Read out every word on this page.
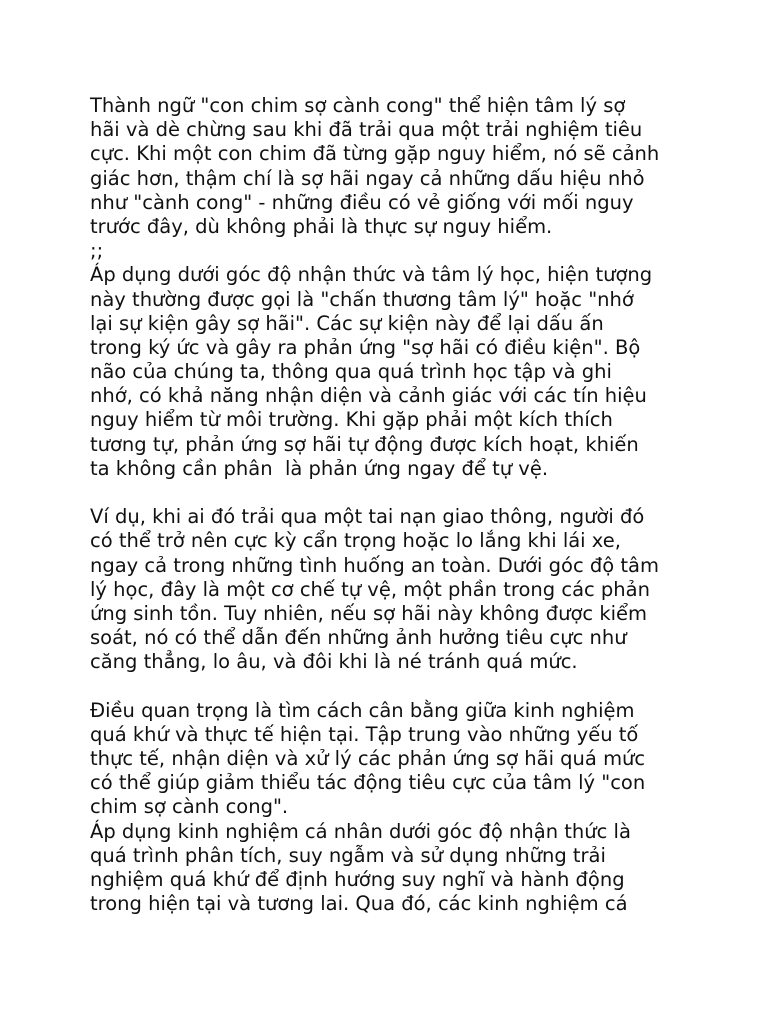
Thành ngữ "con chim sợ cành cong" thể hiện tâm lý sợ
hãi và dè chừng sau khi đã trải qua một trải nghiệm tiêu
cực. Khi một con chim đã từng gặp nguy hiểm, nó sẽ cảnh
giác hơn, thậm chí là sợ hãi ngay cả những dấu hiệu nhỏ
như "cành cong" - những điều có vẻ giống với mối nguy
trước đây, dù không phải là thực sự nguy hiểm.
;;
Áp dụng dưới góc độ nhận thức và tâm lý học, hiện tượng
này thường được gọi là "chấn thương tâm lý" hoặc "nhớ
lại sự kiện gây sợ hãi". Các sự kiện này để lại dấu ấn
trong ký ức và gây ra phản ứng "sợ hãi có điều kiện". Bộ
não của chúng ta, thông qua quá trình học tập và ghi
nhớ, có khả năng nhận diện và cảnh giác với các tín hiệu
nguy hiểm từ môi trường. Khi gặp phải một kích thích
tương tự, phản ứng sợ hãi tự động được kích hoạt, khiến
ta không cần phân  là phản ứng ngay để tự vệ.
Ví dụ, khi ai đó trải qua một tai nạn giao thông, người đó
có thể trở nên cực kỳ cẩn trọng hoặc lo lắng khi lái xe,
ngay cả trong những tình huống an toàn. Dưới góc độ tâm
lý học, đây là một cơ chế tự vệ, một phần trong các phản
ứng sinh tồn. Tuy nhiên, nếu sợ hãi này không được kiểm
soát, nó có thể dẫn đến những ảnh hưởng tiêu cực như
căng thẳng, lo âu, và đôi khi là né tránh quá mức.
Điều quan trọng là tìm cách cân bằng giữa kinh nghiệm
quá khứ và thực tế hiện tại. Tập trung vào những yếu tố
thực tế, nhận diện và xử lý các phản ứng sợ hãi quá mức
có thể giúp giảm thiểu tác động tiêu cực của tâm lý "con
chim sợ cành cong".
Áp dụng kinh nghiệm cá nhân dưới góc độ nhận thức là
quá trình phân tích, suy ngẫm và sử dụng những trải
nghiệm quá khứ để định hướng suy nghĩ và hành động
trong hiện tại và tương lai. Qua đó, các kinh nghiệm cá
